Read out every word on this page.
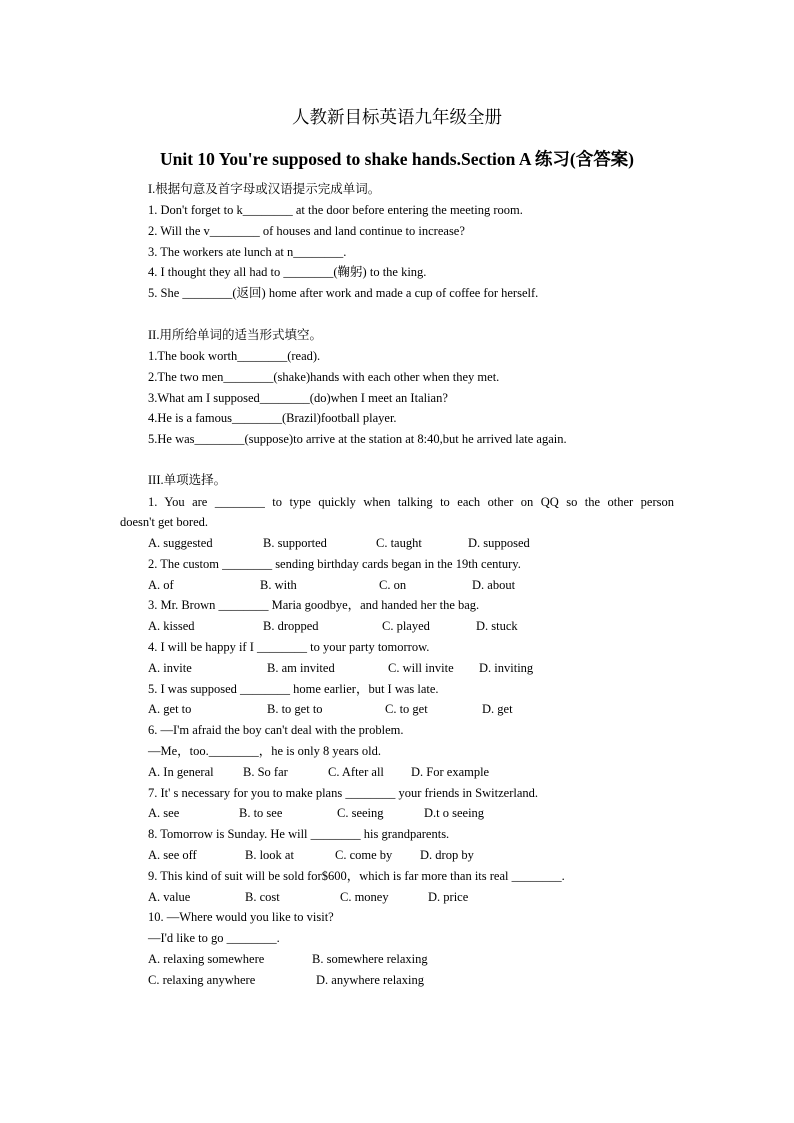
人教新目标英语九年级全册
Unit 10 You're supposed to shake hands.Section A 练习(含答案)
I.根据句意及首字母或汉语提示完成单词。
1. Don't forget to k________ at the door before entering the meeting room.
2. Will the v________ of houses and land continue to increase?
3. The workers ate lunch at n________.
4. I thought they all had to ________(鞠躬) to the king.
5. She ________(返回) home after work and made a cup of coffee for herself.
II.用所给单词的适当形式填空。
1.The book worth________(read).
2.The two men________(shake)hands with each other when they met.
3.What am I supposed________(do)when I meet an Italian?
4.He is a famous________(Brazil)football player.
5.He was________(suppose)to arrive at the station at 8:40,but he arrived late again.
III.单项选择。
1. You are ________ to type quickly when talking to each other on QQ so the other person
doesn't get bored.
A. suggested	B. supported	C. taught	D. supposed
2. The custom ________ sending birthday cards began in the 19th century.
A. of	B. with	C. on	D. about
3. Mr. Brown ________ Maria goodbye，and handed her the bag.
A. kissed	B. dropped	C. played	D. stuck
4. I will be happy if I ________ to your party tomorrow.
A. invite	B. am invited	C. will invite D. inviting
5. I was supposed ________ home earlier，but I was late.
A. get to	B. to get to	C. to get	D. get
6. —I'm afraid the boy can't deal with the problem.
—Me，too.________，he is only 8 years old.
A. In general B. So far	C. After all D. For example
7. It' s necessary for you to make plans ________ your friends in Switzerland.
A. see	B. to see	C. seeing	D.t o seeing
8. Tomorrow is Sunday. He will ________ his grandparents.
A. see off	B. look at	C. come by D. drop by
9. This kind of suit will be sold for$600，which is far more than its real ________.
A. value	B. cost	C. money	D. price
10. —Where would you like to visit?
—I'd like to go ________.
A. relaxing somewhere	B. somewhere relaxing
C. relaxing anywhere	D. anywhere relaxing
